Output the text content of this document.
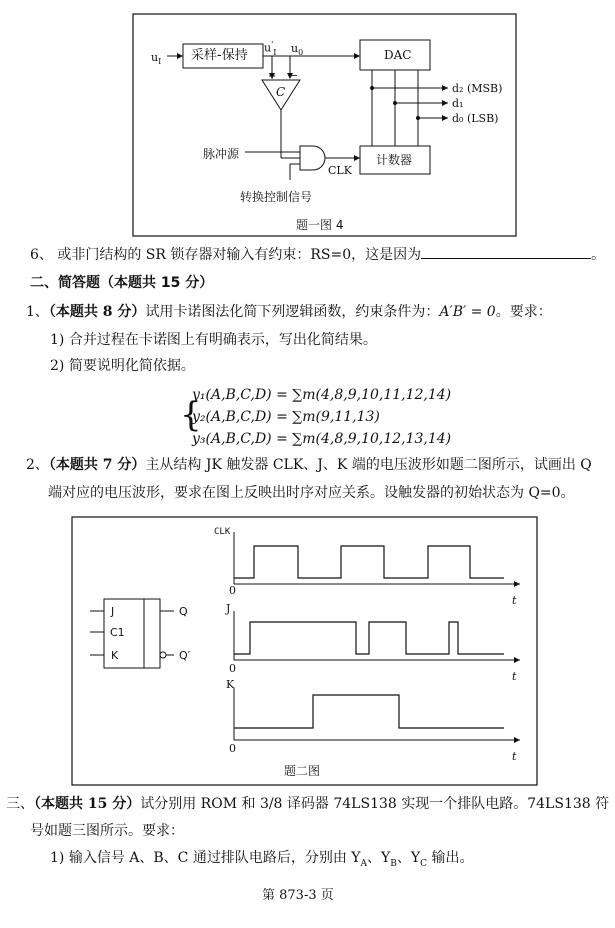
+ −
$u_I$ 采样-保持 $u'_I$ $u_0$	DAC
C	d₂ (MSB)
d₁
d₀ (LSB)
脉冲源
CLK
计数器
转换控制信号
题一图 4
6、 或非门结构的 SR 锁存器对输入有约束：RS=0，这是因为	。
二、简答题（本题共 15 分）
1、（本题共 8 分）试用卡诺图法化简下列逻辑函数，约束条件为：A′B′ = 0。要求：
1) 合并过程在卡诺图上有明确表示，写出化简结果。
2) 简要说明化简依据。
{
y₁(A,B,C,D) = ∑m(4,8,9,10,11,12,14)
y₂(A,B,C,D) = ∑m(9,11,13)
y₃(A,B,C,D) = ∑m(4,8,9,10,12,13,14)
2、（本题共 7 分）主从结构 JK 触发器 CLK、J、K 端的电压波形如题二图所示，试画出 Q
端对应的电压波形，要求在图上反映出时序对应关系。设触发器的初始状态为 Q=0。
J
C1
K
Q
Q′
CLK
0
t
J
0
t
K
0
t
题二图
三、（本题共 15 分）试分别用 ROM 和 3/8 译码器 74LS138 实现一个排队电路。74LS138 符
号如题三图所示。要求：
1) 输入信号 A、B、C 通过排队电路后，分别由 $Y_A$、$Y_B$、$Y_C$ 输出。
第 873-3 页
